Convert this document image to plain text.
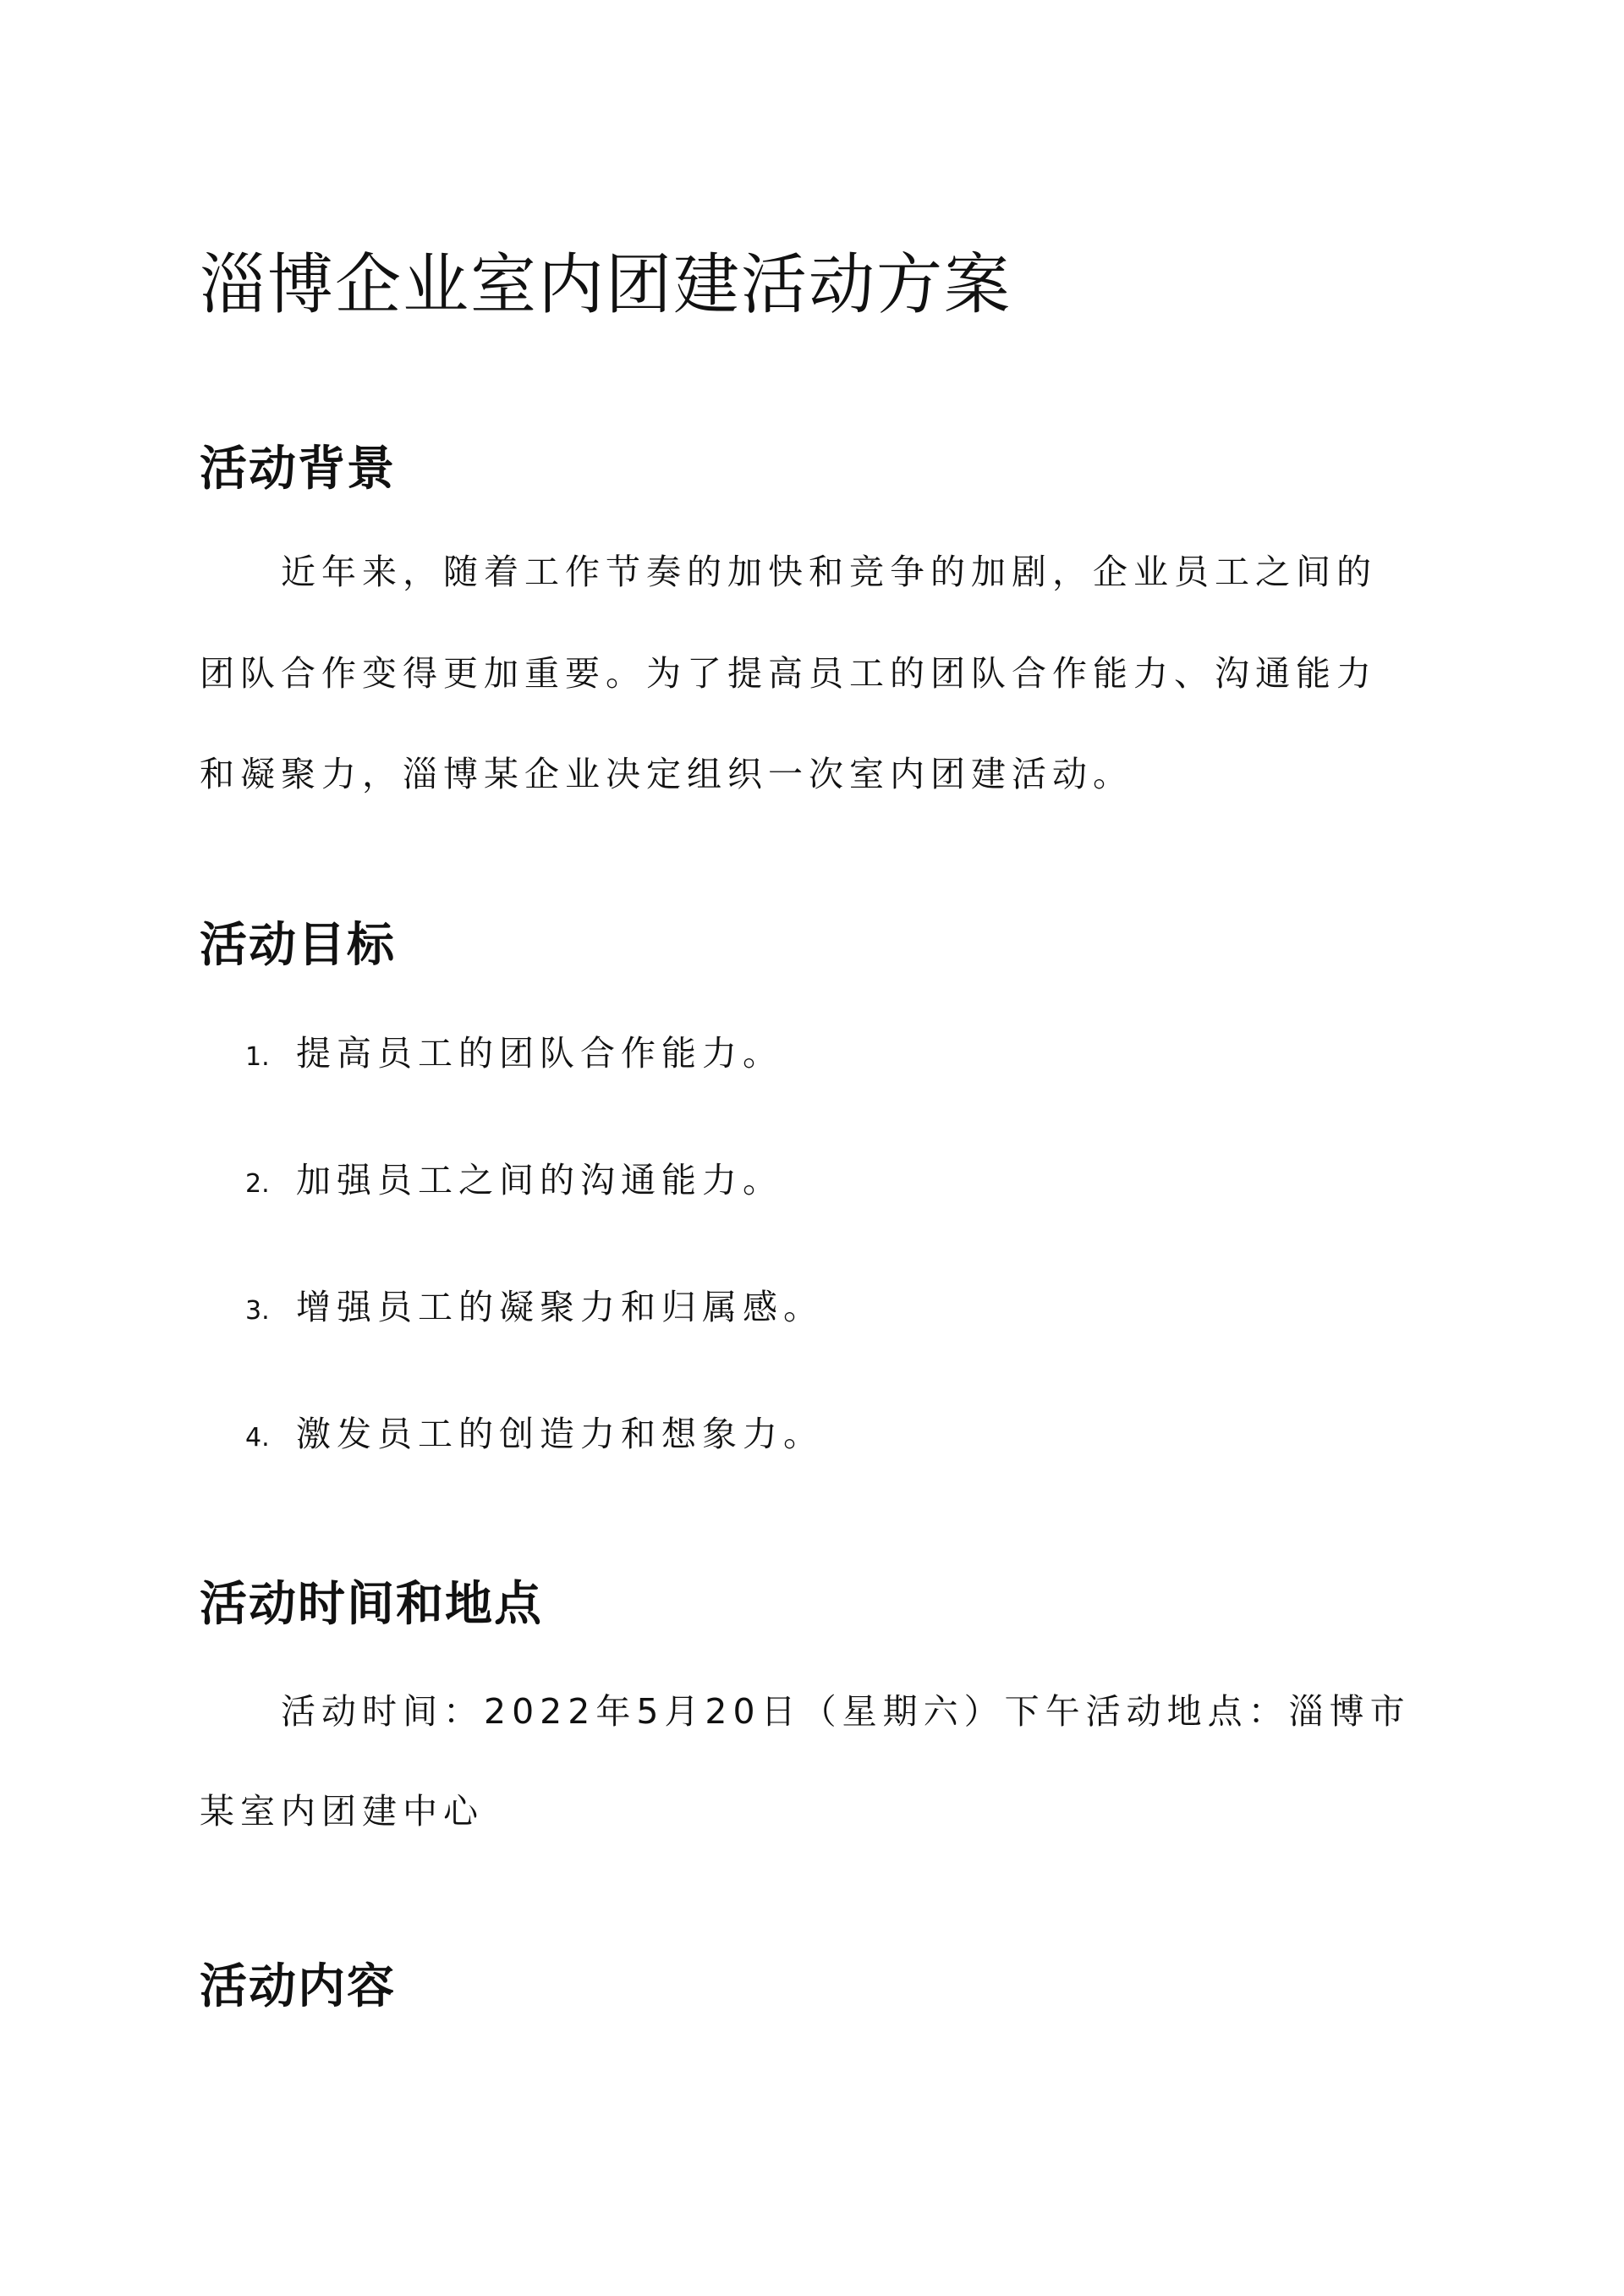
淄博企业室内团建活动方案
活动背景
近年来，随着工作节奏的加快和竞争的加剧，企业员工之间的
团队合作变得更加重要。为了提高员工的团队合作能力、沟通能力
和凝聚力，淄博某企业决定组织一次室内团建活动。
活动目标
1. 提高员工的团队合作能力。
2. 加强员工之间的沟通能力。
3. 增强员工的凝聚力和归属感。
4. 激发员工的创造力和想象力。
活动时间和地点
活动时间：2022年5月20日（星期六）下午活动地点：淄博市
某室内团建中心
活动内容
